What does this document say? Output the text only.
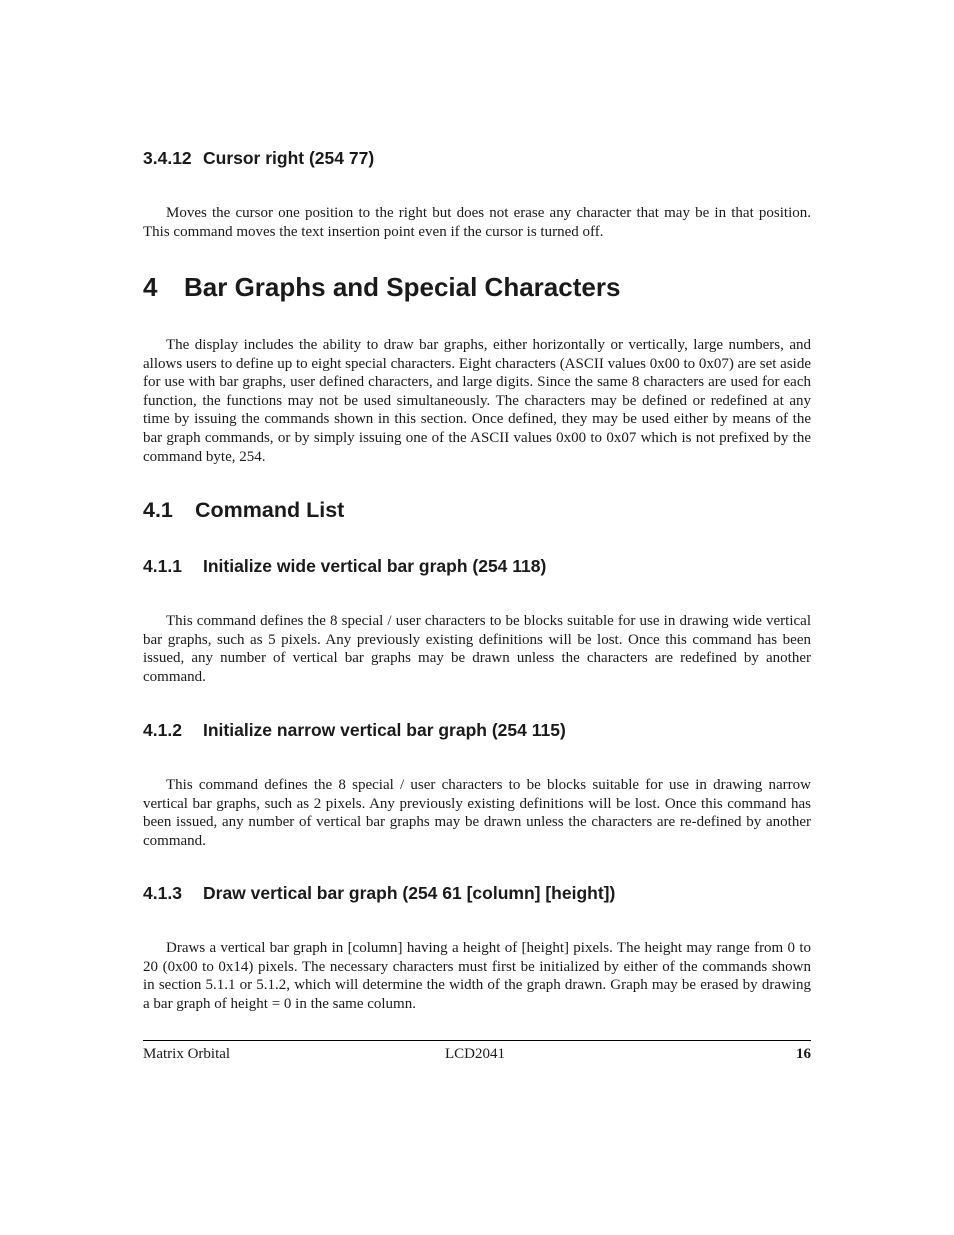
3.4.12 Cursor right (254 77)

Moves the cursor one position to the right but does not erase any character that may be in that position. This command moves the text insertion point even if the cursor is turned off.

4 Bar Graphs and Special Characters

The display includes the ability to draw bar graphs, either horizontally or vertically, large numbers, and allows users to define up to eight special characters. Eight characters (ASCII values 0x00 to 0x07) are set aside for use with bar graphs, user defined characters, and large digits. Since the same 8 characters are used for each function, the functions may not be used simultaneously. The characters may be defined or redefined at any time by issuing the commands shown in this section. Once defined, they may be used either by means of the bar graph commands, or by simply issuing one of the ASCII values 0x00 to 0x07 which is not prefixed by the command byte, 254.

4.1 Command List
4.1.1 Initialize wide vertical bar graph (254 118)

This command defines the 8 special / user characters to be blocks suitable for use in drawing wide vertical bar graphs, such as 5 pixels. Any previously existing definitions will be lost. Once this command has been issued, any number of vertical bar graphs may be drawn unless the characters are redefined by another command.

4.1.2 Initialize narrow vertical bar graph (254 115)

This command defines the 8 special / user characters to be blocks suitable for use in drawing narrow vertical bar graphs, such as 2 pixels. Any previously existing definitions will be lost. Once this command has been issued, any number of vertical bar graphs may be drawn unless the characters are re-defined by another command.

4.1.3 Draw vertical bar graph (254 61 [column] [height])

Draws a vertical bar graph in [column] having a height of [height] pixels. The height may range from 0 to 20 (0x00 to 0x14) pixels. The necessary characters must first be initialized by either of the commands shown in section 5.1.1 or 5.1.2, which will determine the width of the graph drawn. Graph may be erased by drawing a bar graph of height = 0 in the same column.

Matrix Orbital	LCD2041	16
